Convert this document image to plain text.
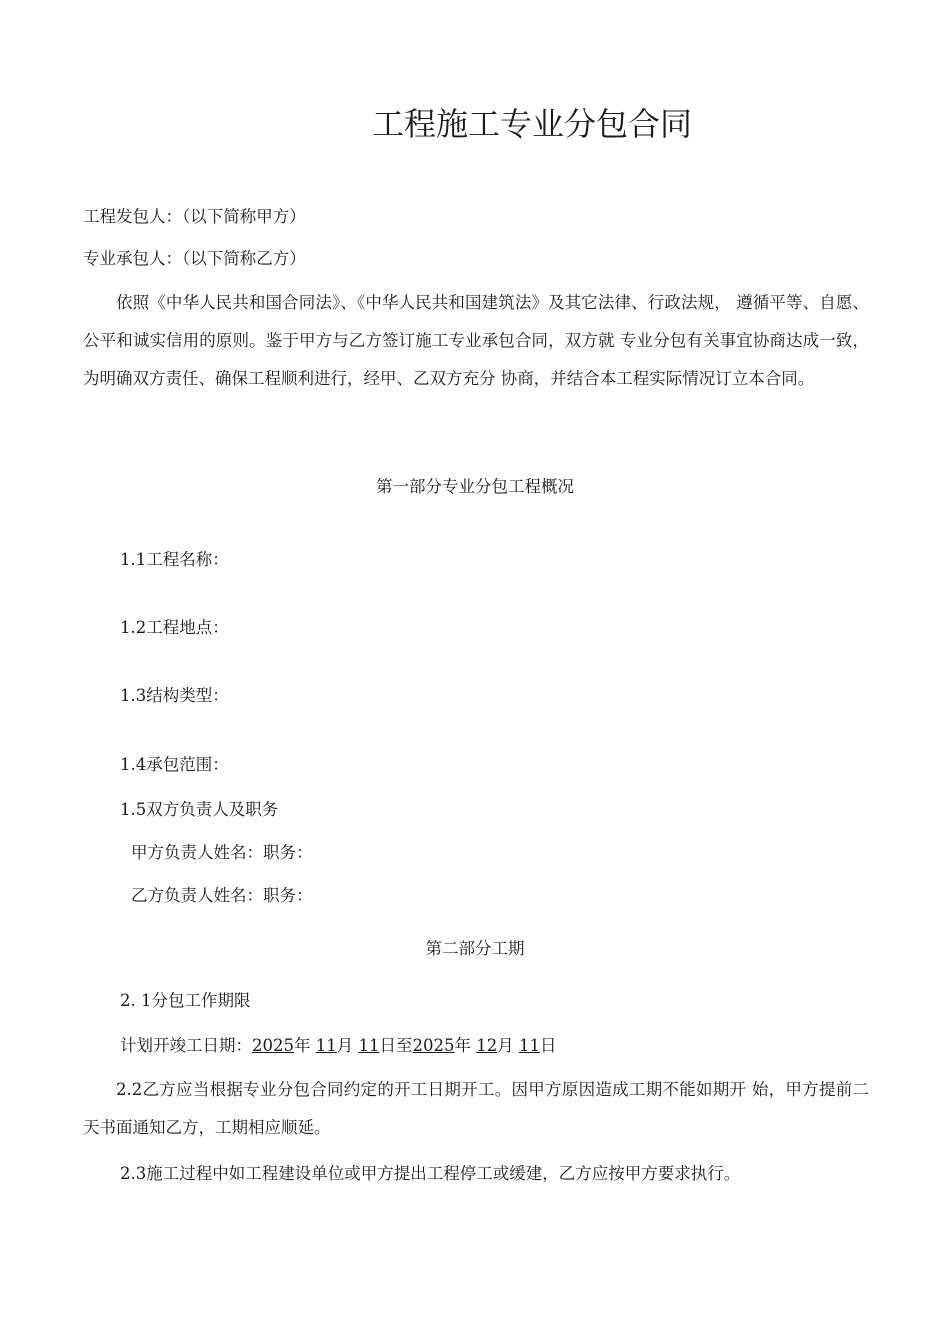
工程施工专业分包合同
工程发包人：（以下简称甲方）
专业承包人：（以下简称乙方）
依照《中华人民共和国合同法》、《中华人民共和国建筑法》及其它法律、行政法规， 遵循平等、自愿、公平和诚实信用的原则。鉴于甲方与乙方签订施工专业承包合同，双方就 专业分包有关事宜协商达成一致，为明确双方责任、确保工程顺利进行，经甲、乙双方充分 协商，并结合本工程实际情况订立本合同。
第一部分专业分包工程概况
1.1工程名称：
1.2工程地点：
1.3结构类型：
1.4承包范围：
1.5双方负责人及职务
甲方负责人姓名：职务：
乙方负责人姓名：职务：
第二部分工期
2. 1分包工作期限
计划开竣工日期：2025年 11月 11日至2025年 12月 11日
2.2乙方应当根据专业分包合同约定的开工日期开工。因甲方原因造成工期不能如期开 始，甲方提前二天书面通知乙方，工期相应顺延。
2.3施工过程中如工程建设单位或甲方提出工程停工或缓建，乙方应按甲方要求执行。
